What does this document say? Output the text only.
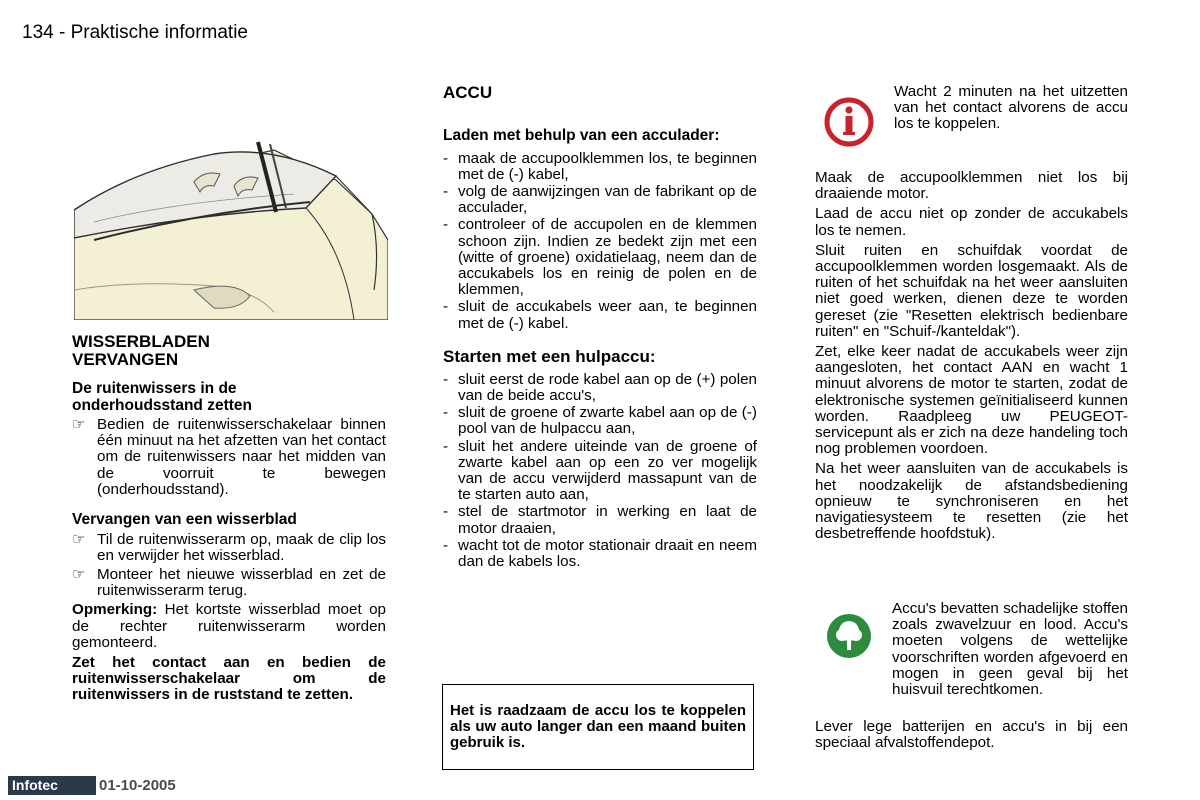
134 - Praktische informatie
WISSERBLADEN
VERVANGEN
De ruitenwissers in de onderhoudsstand zetten
☞ Bedien de ruitenwisserschakelaar binnen één minuut na het afzetten van het contact om de ruitenwissers naar het midden van de voorruit te bewegen (onderhoudsstand).
Vervangen van een wisserblad
☞ Til de ruitenwisserarm op, maak de clip los en verwijder het wisserblad.
☞ Monteer het nieuwe wisserblad en zet de ruitenwisserarm terug.

Opmerking: Het kortste wisserblad moet op de rechter ruitenwisserarm worden gemonteerd.

Zet het contact aan en bedien de ruitenwisserschakelaar om de ruitenwissers in de ruststand te zetten.

ACCU
Laden met behulp van een acculader:
- maak de accupoolklemmen los, te beginnen met de (-) kabel,
- volg de aanwijzingen van de fabrikant op de acculader,
- controleer of de accupolen en de klemmen schoon zijn. Indien ze bedekt zijn met een (witte of groene) oxidatielaag, neem dan de accukabels los en reinig de polen en de klemmen,
- sluit de accukabels weer aan, te beginnen met de (-) kabel.
Starten met een hulpaccu:
- sluit eerst de rode kabel aan op de (+) polen van de beide accu's,
- sluit de groene of zwarte kabel aan op de (-) pool van de hulpaccu aan,
- sluit het andere uiteinde van de groene of zwarte kabel aan op een zo ver mogelijk van de accu verwijderd massapunt van de te starten auto aan,
- stel de startmotor in werking en laat de motor draaien,
- wacht tot de motor stationair draait en neem dan de kabels los.
Het is raadzaam de accu los te koppelen als uw auto langer dan een maand buiten gebruik is.

Wacht 2 minuten na het uitzetten van het contact alvorens de accu los te koppelen.

Maak de accupoolklemmen niet los bij draaiende motor.

Laad de accu niet op zonder de accukabels los te nemen.

Sluit ruiten en schuifdak voordat de accupoolklemmen worden losgemaakt. Als de ruiten of het schuifdak na het weer aansluiten niet goed werken, dienen deze te worden gereset (zie "Resetten elektrisch bedienbare ruiten" en "Schuif-/kanteldak").

Zet, elke keer nadat de accukabels weer zijn aangesloten, het contact AAN en wacht 1 minuut alvorens de motor te starten, zodat de elektronische systemen geïnitialiseerd kunnen worden. Raadpleeg uw PEUGEOT-servicepunt als er zich na deze handeling toch nog problemen voordoen.

Na het weer aansluiten van de accukabels is het noodzakelijk de afstandsbediening opnieuw te synchroniseren en het navigatiesysteem te resetten (zie het desbetreffende hoofdstuk).

Accu's bevatten schadelijke stoffen zoals zwavelzuur en lood. Accu's moeten volgens de wettelijke voorschriften worden afgevoerd en mogen in geen geval bij het huisvuil terechtkomen.

Lever lege batterijen en accu's in bij een speciaal afvalstoffendepot.

Infotec	01-10-2005
